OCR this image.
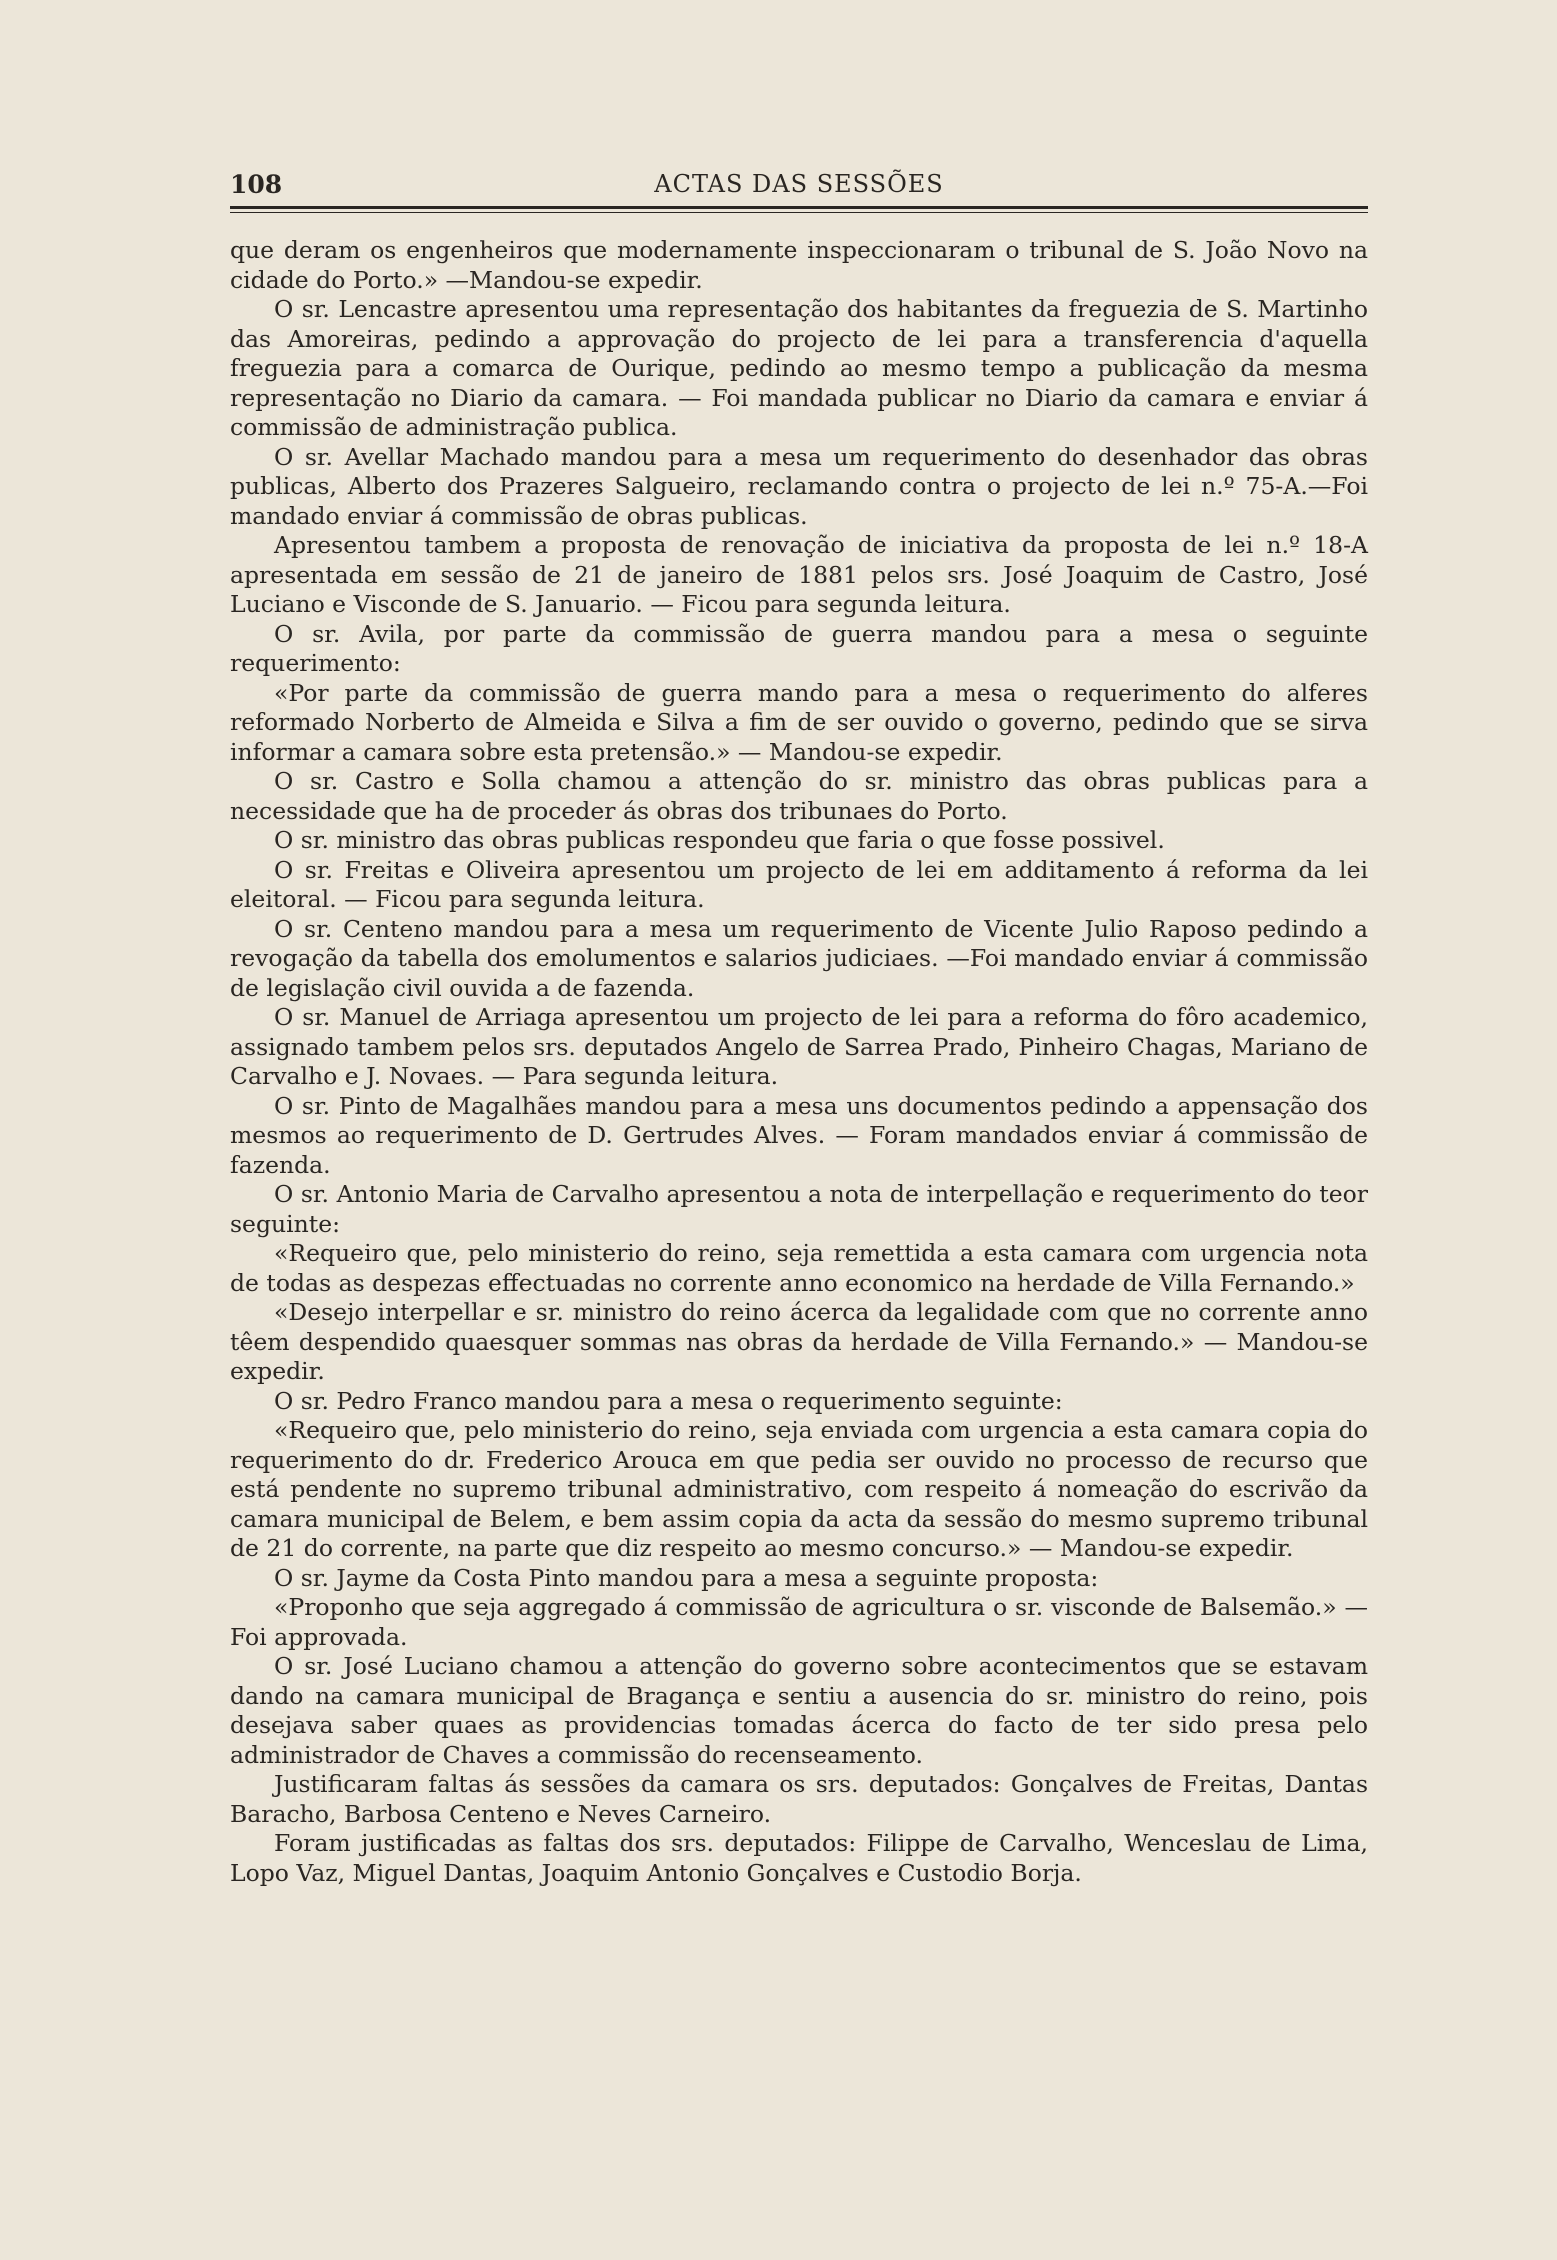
108	ACTAS DAS SESSÕES

que deram os engenheiros que modernamente inspeccionaram o tribunal de S. João Novo na cidade do Porto.» —Mandou-se expedir.

O sr. Lencastre apresentou uma representação dos habitantes da freguezia de S. Martinho das Amoreiras, pedindo a approvação do projecto de lei para a transferencia d'aquella freguezia para a comarca de Ourique, pedindo ao mesmo tempo a publicação da mesma representação no Diario da camara. — Foi mandada publicar no Diario da camara e enviar á commissão de administração publica.

O sr. Avellar Machado mandou para a mesa um requerimento do desenhador das obras publicas, Alberto dos Prazeres Salgueiro, reclamando contra o projecto de lei n.º 75-A.—Foi mandado enviar á commissão de obras publicas.

Apresentou tambem a proposta de renovação de iniciativa da proposta de lei n.º 18-A apresentada em sessão de 21 de janeiro de 1881 pelos srs. José Joaquim de Castro, José Luciano e Visconde de S. Januario. — Ficou para segunda leitura.

O sr. Avila, por parte da commissão de guerra mandou para a mesa o seguinte requerimento:

«Por parte da commissão de guerra mando para a mesa o requerimento do alferes reformado Norberto de Almeida e Silva a fim de ser ouvido o governo, pedindo que se sirva informar a camara sobre esta pretensão.» — Mandou-se expedir.

O sr. Castro e Solla chamou a attenção do sr. ministro das obras publicas para a necessidade que ha de proceder ás obras dos tribunaes do Porto.

O sr. ministro das obras publicas respondeu que faria o que fosse possivel.

O sr. Freitas e Oliveira apresentou um projecto de lei em additamento á reforma da lei eleitoral. — Ficou para segunda leitura.

O sr. Centeno mandou para a mesa um requerimento de Vicente Julio Raposo pedindo a revogação da tabella dos emolumentos e salarios judiciaes. —Foi mandado enviar á commissão de legislação civil ouvida a de fazenda.

O sr. Manuel de Arriaga apresentou um projecto de lei para a reforma do fôro academico, assignado tambem pelos srs. deputados Angelo de Sarrea Prado, Pinheiro Chagas, Mariano de Carvalho e J. Novaes. — Para segunda leitura.

O sr. Pinto de Magalhães mandou para a mesa uns documentos pedindo a appensação dos mesmos ao requerimento de D. Gertrudes Alves. — Foram mandados enviar á commissão de fazenda.

O sr. Antonio Maria de Carvalho apresentou a nota de interpellação e requerimento do teor seguinte:

«Requeiro que, pelo ministerio do reino, seja remettida a esta camara com urgencia nota de todas as despezas effectuadas no corrente anno economico na herdade de Villa Fernando.»

«Desejo interpellar e sr. ministro do reino ácerca da legalidade com que no corrente anno têem despendido quaesquer sommas nas obras da herdade de Villa Fernando.» — Mandou-se expedir.

O sr. Pedro Franco mandou para a mesa o requerimento seguinte:

«Requeiro que, pelo ministerio do reino, seja enviada com urgencia a esta camara copia do requerimento do dr. Frederico Arouca em que pedia ser ouvido no processo de recurso que está pendente no supremo tribunal administrativo, com respeito á nomeação do escrivão da camara municipal de Belem, e bem assim copia da acta da sessão do mesmo supremo tribunal de 21 do corrente, na parte que diz respeito ao mesmo concurso.» — Mandou-se expedir.

O sr. Jayme da Costa Pinto mandou para a mesa a seguinte proposta:

«Proponho que seja aggregado á commissão de agricultura o sr. visconde de Balsemão.» — Foi approvada.

O sr. José Luciano chamou a attenção do governo sobre acontecimentos que se estavam dando na camara municipal de Bragança e sentiu a ausencia do sr. ministro do reino, pois desejava saber quaes as providencias tomadas ácerca do facto de ter sido presa pelo administrador de Chaves a commissão do recenseamento.

Justificaram faltas ás sessões da camara os srs. deputados: Gonçalves de Freitas, Dantas Baracho, Barbosa Centeno e Neves Carneiro.

Foram justificadas as faltas dos srs. deputados: Filippe de Carvalho, Wenceslau de Lima, Lopo Vaz, Miguel Dantas, Joaquim Antonio Gonçalves e Custodio Borja.
